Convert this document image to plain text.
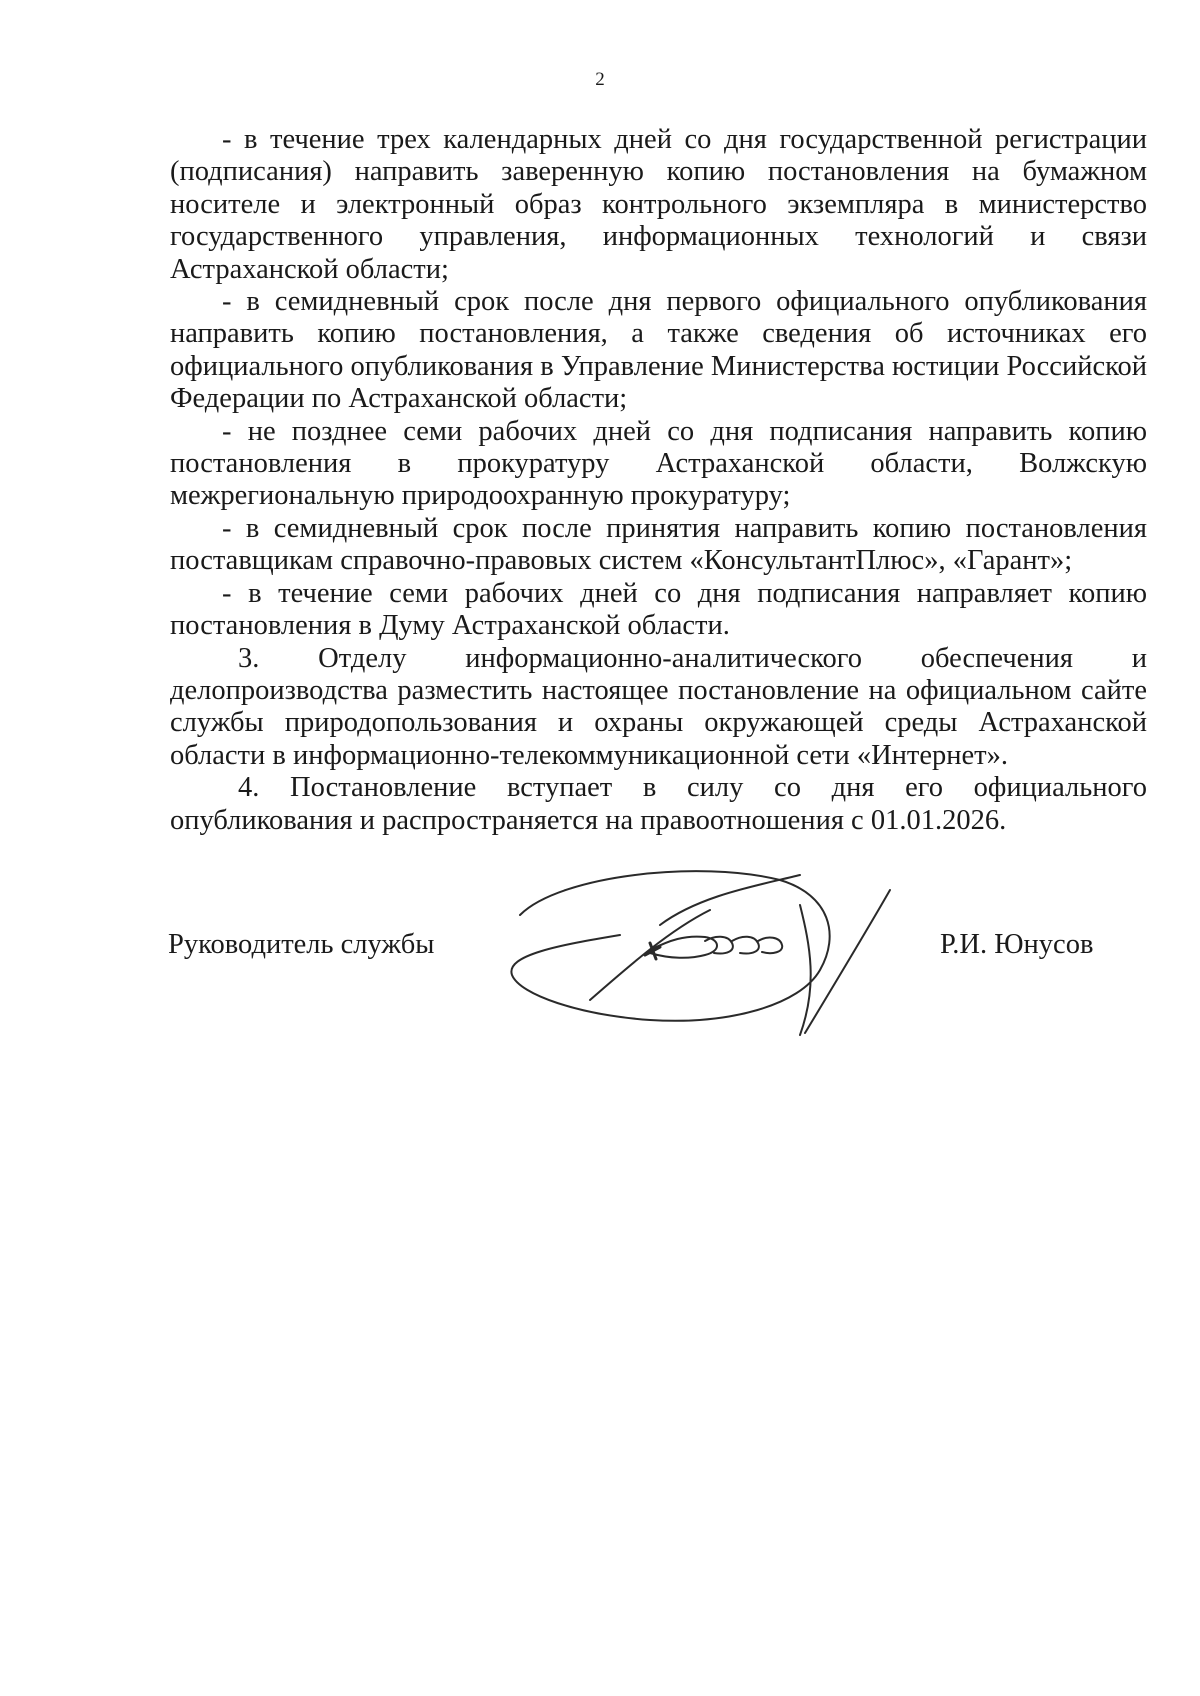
2

- в течение трех календарных дней со дня государственной регистрации (подписания) направить заверенную копию постановления на бумажном носителе и электронный образ контрольного экземпляра в министерство государственного управления, информационных технологий и связи Астраханской области;

- в семидневный срок после дня первого официального опубликования направить копию постановления, а также сведения об источниках его официального опубликования в Управление Министерства юстиции Российской Федерации по Астраханской области;

- не позднее семи рабочих дней со дня подписания направить копию постановления в прокуратуру Астраханской области, Волжскую межрегиональную природоохранную прокуратуру;

- в семидневный срок после принятия направить копию постановления поставщикам справочно-правовых систем «КонсультантПлюс», «Гарант»;

- в течение семи рабочих дней со дня подписания направляет копию постановления в Думу Астраханской области.

3. Отделу информационно-аналитического обеспечения и делопроизводства разместить настоящее постановление на официальном сайте службы природопользования и охраны окружающей среды Астраханской области в информационно-телекоммуникационной сети «Интернет».

4. Постановление вступает в силу со дня его официального опубликования и распространяется на правоотношения с 01.01.2026.

Руководитель службы	Р.И. Юнусов
